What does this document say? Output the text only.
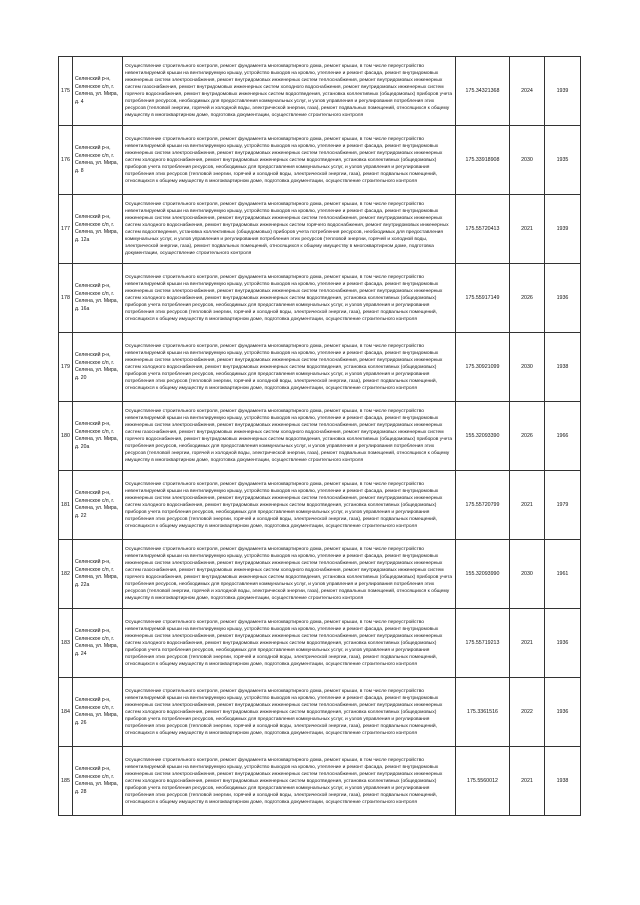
175	Селенский р-н, Селенское с/п, г. Селена, ул. Мира, д. 4	Осуществление строительного контроля, ремонт фундамента многоквартирного дома, ремонт крыши, в том числе переустройство невентилируемой крыши на вентилируемую крышу, устройство выходов на кровлю, утепление и ремонт фасада, ремонт внутридомовых инженерных систем электроснабжения, ремонт внутридомовых инженерных систем теплоснабжения, ремонт внутридомовых инженерных систем газоснабжения, ремонт внутридомовых инженерных систем холодного водоснабжения, ремонт внутридомовых инженерных систем горячего водоснабжения, ремонт внутридомовых инженерных систем водоотведения, установка коллективных (общедомовых) приборов учета потребления ресурсов, необходимых для предоставления коммунальных услуг, и узлов управления и регулирования потребления этих ресурсов (тепловой энергии, горячей и холодной воды, электрической энергии, газа), ремонт подвальных помещений, относящихся к общему имуществу в многоквартирном доме, подготовка документации, осуществление строительного контроля	175.34321368	2024	1939
176	Селенский р-н, Селенское с/п, г. Селена, ул. Мира, д. 8	Осуществление строительного контроля, ремонт фундамента многоквартирного дома, ремонт крыши, в том числе переустройство невентилируемой крыши на вентилируемую крышу, устройство выходов на кровлю, утепление и ремонт фасада, ремонт внутридомовых инженерных систем электроснабжения, ремонт внутридомовых инженерных систем теплоснабжения, ремонт внутридомовых инженерных систем холодного водоснабжения, ремонт внутридомовых инженерных систем водоотведения, установка коллективных (общедомовых) приборов учета потребления ресурсов, необходимых для предоставления коммунальных услуг, и узлов управления и регулирования потребления этих ресурсов (тепловой энергии, горячей и холодной воды, электрической энергии, газа), ремонт подвальных помещений, относящихся к общему имуществу в многоквартирном доме, подготовка документации, осуществление строительного контроля	175.33918908	2030	1935
177	Селенский р-н, Селенское с/п, г. Селена, ул. Мира, д. 12а	Осуществление строительного контроля, ремонт фундамента многоквартирного дома, ремонт крыши, в том числе переустройство невентилируемой крыши на вентилируемую крышу, устройство выходов на кровлю, утепление и ремонт фасада, ремонт внутридомовых инженерных систем электроснабжения, ремонт внутридомовых инженерных систем теплоснабжения, ремонт внутридомовых инженерных систем холодного водоснабжения, ремонт внутридомовых инженерных систем горячего водоснабжения, ремонт внутридомовых инженерных систем водоотведения, установка коллективных (общедомовых) приборов учета потребления ресурсов, необходимых для предоставления коммунальных услуг, и узлов управления и регулирования потребления этих ресурсов (тепловой энергии, горячей и холодной воды, электрической энергии, газа), ремонт подвальных помещений, относящихся к общему имуществу в многоквартирном доме, подготовка документации, осуществление строительного контроля	175.55720413	2021	1939
178	Селенский р-н, Селенское с/п, г. Селена, ул. Мира, д. 16а	Осуществление строительного контроля, ремонт фундамента многоквартирного дома, ремонт крыши, в том числе переустройство невентилируемой крыши на вентилируемую крышу, устройство выходов на кровлю, утепление и ремонт фасада, ремонт внутридомовых инженерных систем электроснабжения, ремонт внутридомовых инженерных систем теплоснабжения, ремонт внутридомовых инженерных систем холодного водоснабжения, ремонт внутридомовых инженерных систем водоотведения, установка коллективных (общедомовых) приборов учета потребления ресурсов, необходимых для предоставления коммунальных услуг, и узлов управления и регулирования потребления этих ресурсов (тепловой энергии, горячей и холодной воды, электрической энергии, газа), ремонт подвальных помещений, относящихся к общему имуществу в многоквартирном доме, подготовка документации, осуществление строительного контроля	175.55917149	2026	1936
179	Селенский р-н, Селенское с/п, г. Селена, ул. Мира, д. 20	Осуществление строительного контроля, ремонт фундамента многоквартирного дома, ремонт крыши, в том числе переустройство невентилируемой крыши на вентилируемую крышу, устройство выходов на кровлю, утепление и ремонт фасада, ремонт внутридомовых инженерных систем электроснабжения, ремонт внутридомовых инженерных систем теплоснабжения, ремонт внутридомовых инженерных систем холодного водоснабжения, ремонт внутридомовых инженерных систем водоотведения, установка коллективных (общедомовых) приборов учета потребления ресурсов, необходимых для предоставления коммунальных услуг, и узлов управления и регулирования потребления этих ресурсов (тепловой энергии, горячей и холодной воды, электрической энергии, газа), ремонт подвальных помещений, относящихся к общему имуществу в многоквартирном доме, подготовка документации, осуществление строительного контроля	175.30921099	2030	1938
180	Селенский р-н, Селенское с/п, г. Селена, ул. Мира, д. 20а	Осуществление строительного контроля, ремонт фундамента многоквартирного дома, ремонт крыши, в том числе переустройство невентилируемой крыши на вентилируемую крышу, устройство выходов на кровлю, утепление и ремонт фасада, ремонт внутридомовых инженерных систем электроснабжения, ремонт внутридомовых инженерных систем теплоснабжения, ремонт внутридомовых инженерных систем газоснабжения, ремонт внутридомовых инженерных систем холодного водоснабжения, ремонт внутридомовых инженерных систем горячего водоснабжения, ремонт внутридомовых инженерных систем водоотведения, установка коллективных (общедомовых) приборов учета потребления ресурсов, необходимых для предоставления коммунальных услуг, и узлов управления и регулирования потребления этих ресурсов (тепловой энергии, горячей и холодной воды, электрической энергии, газа), ремонт подвальных помещений, относящихся к общему имуществу в многоквартирном доме, подготовка документации, осуществление строительного контроля	155.32093390	2026	1966
181	Селенский р-н, Селенское с/п, г. Селена, ул. Мира, д. 22	Осуществление строительного контроля, ремонт фундамента многоквартирного дома, ремонт крыши, в том числе переустройство невентилируемой крыши на вентилируемую крышу, устройство выходов на кровлю, утепление и ремонт фасада, ремонт внутридомовых инженерных систем электроснабжения, ремонт внутридомовых инженерных систем теплоснабжения, ремонт внутридомовых инженерных систем холодного водоснабжения, ремонт внутридомовых инженерных систем водоотведения, установка коллективных (общедомовых) приборов учета потребления ресурсов, необходимых для предоставления коммунальных услуг, и узлов управления и регулирования потребления этих ресурсов (тепловой энергии, горячей и холодной воды, электрической энергии, газа), ремонт подвальных помещений, относящихся к общему имуществу в многоквартирном доме, подготовка документации, осуществление строительного контроля	175.55720799	2021	1979
182	Селенский р-н, Селенское с/п, г. Селена, ул. Мира, д. 22а	Осуществление строительного контроля, ремонт фундамента многоквартирного дома, ремонт крыши, в том числе переустройство невентилируемой крыши на вентилируемую крышу, устройство выходов на кровлю, утепление и ремонт фасада, ремонт внутридомовых инженерных систем электроснабжения, ремонт внутридомовых инженерных систем теплоснабжения, ремонт внутридомовых инженерных систем газоснабжения, ремонт внутридомовых инженерных систем холодного водоснабжения, ремонт внутридомовых инженерных систем горячего водоснабжения, ремонт внутридомовых инженерных систем водоотведения, установка коллективных (общедомовых) приборов учета потребления ресурсов, необходимых для предоставления коммунальных услуг, и узлов управления и регулирования потребления этих ресурсов (тепловой энергии, горячей и холодной воды, электрической энергии, газа), ремонт подвальных помещений, относящихся к общему имуществу в многоквартирном доме, подготовка документации, осуществление строительного контроля	155.32093990	2030	1961
183	Селенский р-н, Селенское с/п, г. Селена, ул. Мира, д. 24	Осуществление строительного контроля, ремонт фундамента многоквартирного дома, ремонт крыши, в том числе переустройство невентилируемой крыши на вентилируемую крышу, устройство выходов на кровлю, утепление и ремонт фасада, ремонт внутридомовых инженерных систем электроснабжения, ремонт внутридомовых инженерных систем теплоснабжения, ремонт внутридомовых инженерных систем холодного водоснабжения, ремонт внутридомовых инженерных систем водоотведения, установка коллективных (общедомовых) приборов учета потребления ресурсов, необходимых для предоставления коммунальных услуг, и узлов управления и регулирования потребления этих ресурсов (тепловой энергии, горячей и холодной воды, электрической энергии, газа), ремонт подвальных помещений, относящихся к общему имуществу в многоквартирном доме, подготовка документации, осуществление строительного контроля	175.55719213	2021	1936
184	Селенский р-н, Селенское с/п, г. Селена, ул. Мира, д. 26	Осуществление строительного контроля, ремонт фундамента многоквартирного дома, ремонт крыши, в том числе переустройство невентилируемой крыши на вентилируемую крышу, устройство выходов на кровлю, утепление и ремонт фасада, ремонт внутридомовых инженерных систем электроснабжения, ремонт внутридомовых инженерных систем теплоснабжения, ремонт внутридомовых инженерных систем холодного водоснабжения, ремонт внутридомовых инженерных систем водоотведения, установка коллективных (общедомовых) приборов учета потребления ресурсов, необходимых для предоставления коммунальных услуг, и узлов управления и регулирования потребления этих ресурсов (тепловой энергии, горячей и холодной воды, электрической энергии, газа), ремонт подвальных помещений, относящихся к общему имуществу в многоквартирном доме, подготовка документации, осуществление строительного контроля	175.3361516	2022	1936
185	Селенский р-н, Селенское с/п, г. Селена, ул. Мира, д. 28	Осуществление строительного контроля, ремонт фундамента многоквартирного дома, ремонт крыши, в том числе переустройство невентилируемой крыши на вентилируемую крышу, устройство выходов на кровлю, утепление и ремонт фасада, ремонт внутридомовых инженерных систем электроснабжения, ремонт внутридомовых инженерных систем теплоснабжения, ремонт внутридомовых инженерных систем холодного водоснабжения, ремонт внутридомовых инженерных систем водоотведения, установка коллективных (общедомовых) приборов учета потребления ресурсов, необходимых для предоставления коммунальных услуг, и узлов управления и регулирования потребления этих ресурсов (тепловой энергии, горячей и холодной воды, электрической энергии, газа), ремонт подвальных помещений, относящихся к общему имуществу в многоквартирном доме, подготовка документации, осуществление строительного контроля	175.5560012	2021	1938
